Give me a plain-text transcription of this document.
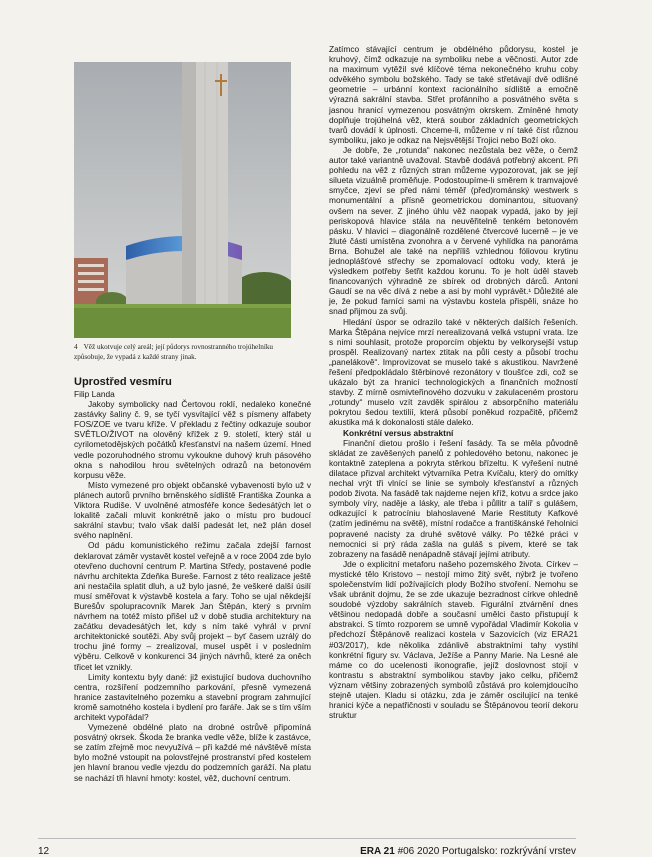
4 Věž ukotvuje celý areál; její půdorys rovnostranného trojúhelníku způsobuje, že vypadá z každé strany jinak.
Uprostřed vesmíru
Filip Landa

Jakoby symbolicky nad Čertovou roklí, nedaleko konečné zastávky šaliny č. 9, se tyčí vysvítající věž s písmeny alfabety FOS/ZOE ve tvaru kříže. V překladu z řečtiny odkazuje soubor SVĚTLO/ŽIVOT na olověný křížek z 9. století, který stál u cyrilometodějských počátků křesťanství na našem území. Hned vedle pozoruhodného stromu vykoukne duhový kruh pásového okna s nahodilou hrou světelných odrazů na betonovém korpusu věže.

Místo vymezené pro objekt občanské vybavenosti bylo už v plánech autorů prvního brněnského sídliště Františka Zounka a Viktora Rudiše. V uvolněné atmosféře konce šedesátých let o lokalitě začali mluvit konkrétně jako o místu pro budoucí sakrální stavbu; tvalo však další padesát let, než plán dosel svého naplnění.

Od pádu komunistického režimu začala zdejší farnost deklarovat záměr vystavět kostel veřejně a v roce 2004 zde bylo otevřeno duchovní centrum P. Martina Středy, postavené podle návrhu architekta Zdeňka Bureše. Farnost z této realizace ještě ani nestačila splatit dluh, a už bylo jasné, že veškeré další úsilí musí směřovat k výstavbě kostela a fary. Toho se ujal někdejší Burešův spolupracovník Marek Jan Štěpán, který s prvním návrhem na totéž místo přišel už v době studia architektury na začátku devadesátých let, kdy s ním také vyhrál v první architektonické soutěži. Aby svůj projekt – byť časem uzrálý do trochu jiné formy – zrealizoval, musel uspět i v posledním výběru. Celkově v konkurenci 34 jiných návrhů, které za oněch třicet let vznikly.

Limity kontextu byly dané: již existující budova duchovního centra, rozšíření podzemního parkování, přesně vymezená hranice zastavitelného pozemku a stavební program zahrnující kromě samotného kostela i bydlení pro faráře. Jak se s tím vším architekt vypořádal?

Vymezené obdélné plato na drobné ostrůvě připomíná posvátný okrsek. Škoda že branka vedle věže, blíže k zastávce, se zatím zřejmě moc nevyužívá – při každé mé návštěvě místa bylo možné vstoupit na polovstřejné prostranství před kostelem jen hlavní branou vedle vjezdu do podzemních garáží. Na platu se nachází tři hlavní hmoty: kostel, věž, duchovní centrum.

Zatímco stávající centrum je obdélného půdorysu, kostel je kruhový, čímž odkazuje na symboliku nebe a věčnosti. Autor zde na maximum vytěžil své klíčové téma nekonečného kruhu coby odvěkého symbolu božského. Tady se také střetávají dvě odlišné geometrie – urbánní kontext racionálního sídliště a emočně výrazná sakrální stavba. Střet profánního a posvátného světa s jasnou hranicí vymezenou posvátným okrskem. Zmíněné hmoty doplňuje trojúhelná věž, která soubor základních geometrických tvarů dovádí k úplnosti. Chceme-li, můžeme v ní také číst různou symboliku, jako je odkaz na Nejsvětější Trojici nebo Boží oko.

Je dobře, že „rotunda“ nakonec nezůstala bez věže, o čemž autor také variantně uvažoval. Stavbě dodává potřebný akcent. Při pohledu na věž z různých stran můžeme vypozorovat, jak se její silueta vizuálně proměňuje. Podostoupíme-li směrem k tramvajové smyčce, zjeví se před námi téměř (před)románský westwerk s monumentální a přísně geometrickou dominantou, situovaný ovšem na sever. Z jiného úhlu věž naopak vypadá, jako by její periskopová hlavice stála na neuvěřitelně tenkém betonovém pásku. V hlavici – diagonálně rozdělené čtvercové lucerně – je ve žluté části umístěna zvonohra a v červené vyhlídka na panoráma Brna. Bohužel ale také na nepříliš vzhlednou fóliovou krytinu jednoplášťové střechy se zpomalovací odtoku vody, která je výsledkem potřeby šetřit každou korunu. To je holt úděl staveb financovaných výhradně ze sbírek od drobných dárců. Antoni Gaudí se na věc dívá z nebe a asi by mohl vyprávět.¹ Důležité ale je, že pokud farníci sami na výstavbu kostela přispěli, snáze ho snad přijmou za svůj.

Hledání úspor se odrazilo také v některých dalších řešeních. Marka Štěpána nejvíce mrzí nerealizovaná velká vstupní vrata. Ize s nimi souhlasit, protože proporcím objektu by velkorysejší vstup prospěl. Realizovaný nartex ztitak na půli cesty a působí trochu „panelákově“. Improvizovat se muselo také s akustikou. Navržené řešení předpokládalo štěrbinové rezonátory v tloušťce zdi, což se ukázalo být za hranicí technologických a finančních možností stavby. Z mírně osmivteřinového dozvuku v zakulaceném prostoru „rotundy“ muselo vzít zavděk spirálou z absorpčního materiálu pokrytou šedou textilií, která působí poněkud rozpačitě, přičemž akustika má k dokonalosti stále daleko.

Konkrétní versus abstraktní

Finanční dietou prošlo i řešení fasády. Ta se měla původně skládat ze zavěšených panelů z pohledového betonu, nakonec je kontaktně zateplena a pokryta stěrkou břízeltu. K vyřešení nutné dilatace přizval architekt výtvarníka Petra Kvíčalu, který do omítky nechal vrýt tři vlnící se linie se symboly křesťanství a různých podob života. Na fasádě tak najdeme nejen kříž, kotvu a srdce jako symboly víry, naděje a lásky, ale třeba i půllitr a talíř s gulášem, odkazující k patrocíniu blahoslavené Marie Restituty Kafkové (zatím jedinému na světě), místní rodačce a františkánské řeholnici popravené nacisty za druhé světové války. Po těžké práci v nemocnici si prý ráda zašla na guláš s pivem, které se tak zobrazeny na fasádě nenápadně stávají jejími atributy.

Jde o explicitní metaforu našeho pozemského života. Církev – mystické tělo Kristovo – nestojí mimo žitý svět, nýbrž je tvořeno společenstvím lidí požívajících plody Božího stvoření. Nemohu se však ubránit dojmu, že se zde ukazuje bezradnost církve ohledně soudobé výzdoby sakrálních staveb. Figurální ztvárnění dnes většinou nedopadá dobře a současní umělci často přistupují k abstrakci. S tímto rozporem se umně vypořádal Vladimír Kokolia v předchozí Štěpánově realizaci kostela v Sazovicích (viz ERA21 #03/2017), kde několika zdánlivě abstraktními tahy vystihl konkrétní figury sv. Václava, Ježíše a Panny Marie. Na Lesné ale máme co do ucelenosti ikonografie, jejíž doslovnost stojí v kontrastu s abstraktní symbolikou stavby jako celku, přičemž význam většiny zobrazených symbolů zůstává pro kolemjdoucího stejně utajen. Kladu si otázku, zda je záměr oscilující na tenké hranici kýče a nepatřičnosti v souladu se Štěpánovou teorií dekoru struktur

12	ERA 21 #06 2020 Portugalsko: rozkrývání vrstev
